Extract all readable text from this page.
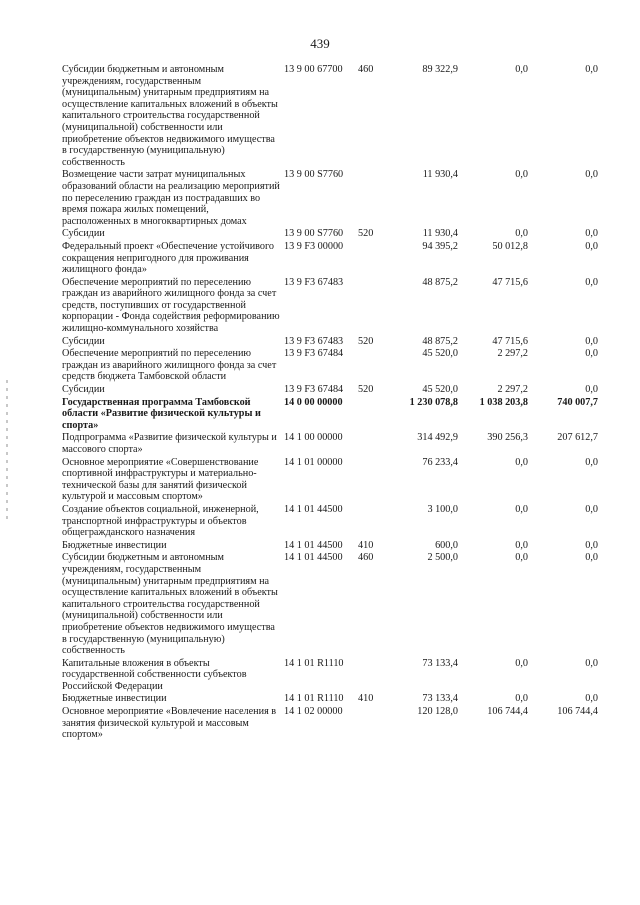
439
Субсидии бюджетным и автономным учреждениям, государственным (муниципальным) унитарным предприятиям на осуществление капитальных вложений в объекты капитального строительства государственной (муниципальной) собственности или приобретение объектов недвижимого имущества в государственную (муниципальную) собственность	13 9 00 67700	460	89 322,9	0,0	0,0
Возмещение части затрат муниципальных образований области на реализацию мероприятий по переселению граждан из пострадавших во время пожара жилых помещений, расположенных в многоквартирных домах	13 9 00 S7760		11 930,4	0,0	0,0
Субсидии	13 9 00 S7760	520	11 930,4	0,0	0,0
Федеральный проект «Обеспечение устойчивого сокращения непригодного для проживания жилищного фонда»	13 9 F3 00000		94 395,2	50 012,8	0,0
Обеспечение мероприятий по переселению граждан из аварийного жилищного фонда за счет средств, поступивших от государственной корпорации - Фонда содействия реформированию жилищно-коммунального хозяйства	13 9 F3 67483		48 875,2	47 715,6	0,0
Субсидии	13 9 F3 67483	520	48 875,2	47 715,6	0,0
Обеспечение мероприятий по переселению граждан из аварийного жилищного фонда за счет средств бюджета Тамбовской области	13 9 F3 67484		45 520,0	2 297,2	0,0
Субсидии	13 9 F3 67484	520	45 520,0	2 297,2	0,0
Государственная программа Тамбовской области «Развитие физической культуры и спорта»	14 0 00 00000		1 230 078,8	1 038 203,8	740 007,7
Подпрограмма «Развитие физической культуры и массового спорта»	14 1 00 00000		314 492,9	390 256,3	207 612,7
Основное мероприятие «Совершенствование спортивной инфраструктуры и материально-технической базы для занятий физической культурой и массовым спортом»	14 1 01 00000		76 233,4	0,0	0,0
Создание объектов социальной, инженерной, транспортной инфраструктуры и объектов общегражданского назначения	14 1 01 44500		3 100,0	0,0	0,0
Бюджетные инвестиции	14 1 01 44500	410	600,0	0,0	0,0
Субсидии бюджетным и автономным учреждениям, государственным (муниципальным) унитарным предприятиям на осуществление капитальных вложений в объекты капитального строительства государственной (муниципальной) собственности или приобретение объектов недвижимого имущества в государственную (муниципальную) собственность	14 1 01 44500	460	2 500,0	0,0	0,0
Капитальные вложения в объекты государственной собственности субъектов Российской Федерации	14 1 01 R1110		73 133,4	0,0	0,0
Бюджетные инвестиции	14 1 01 R1110	410	73 133,4	0,0	0,0
Основное мероприятие «Вовлечение населения в занятия физической культурой и массовым спортом»	14 1 02 00000		120 128,0	106 744,4	106 744,4
